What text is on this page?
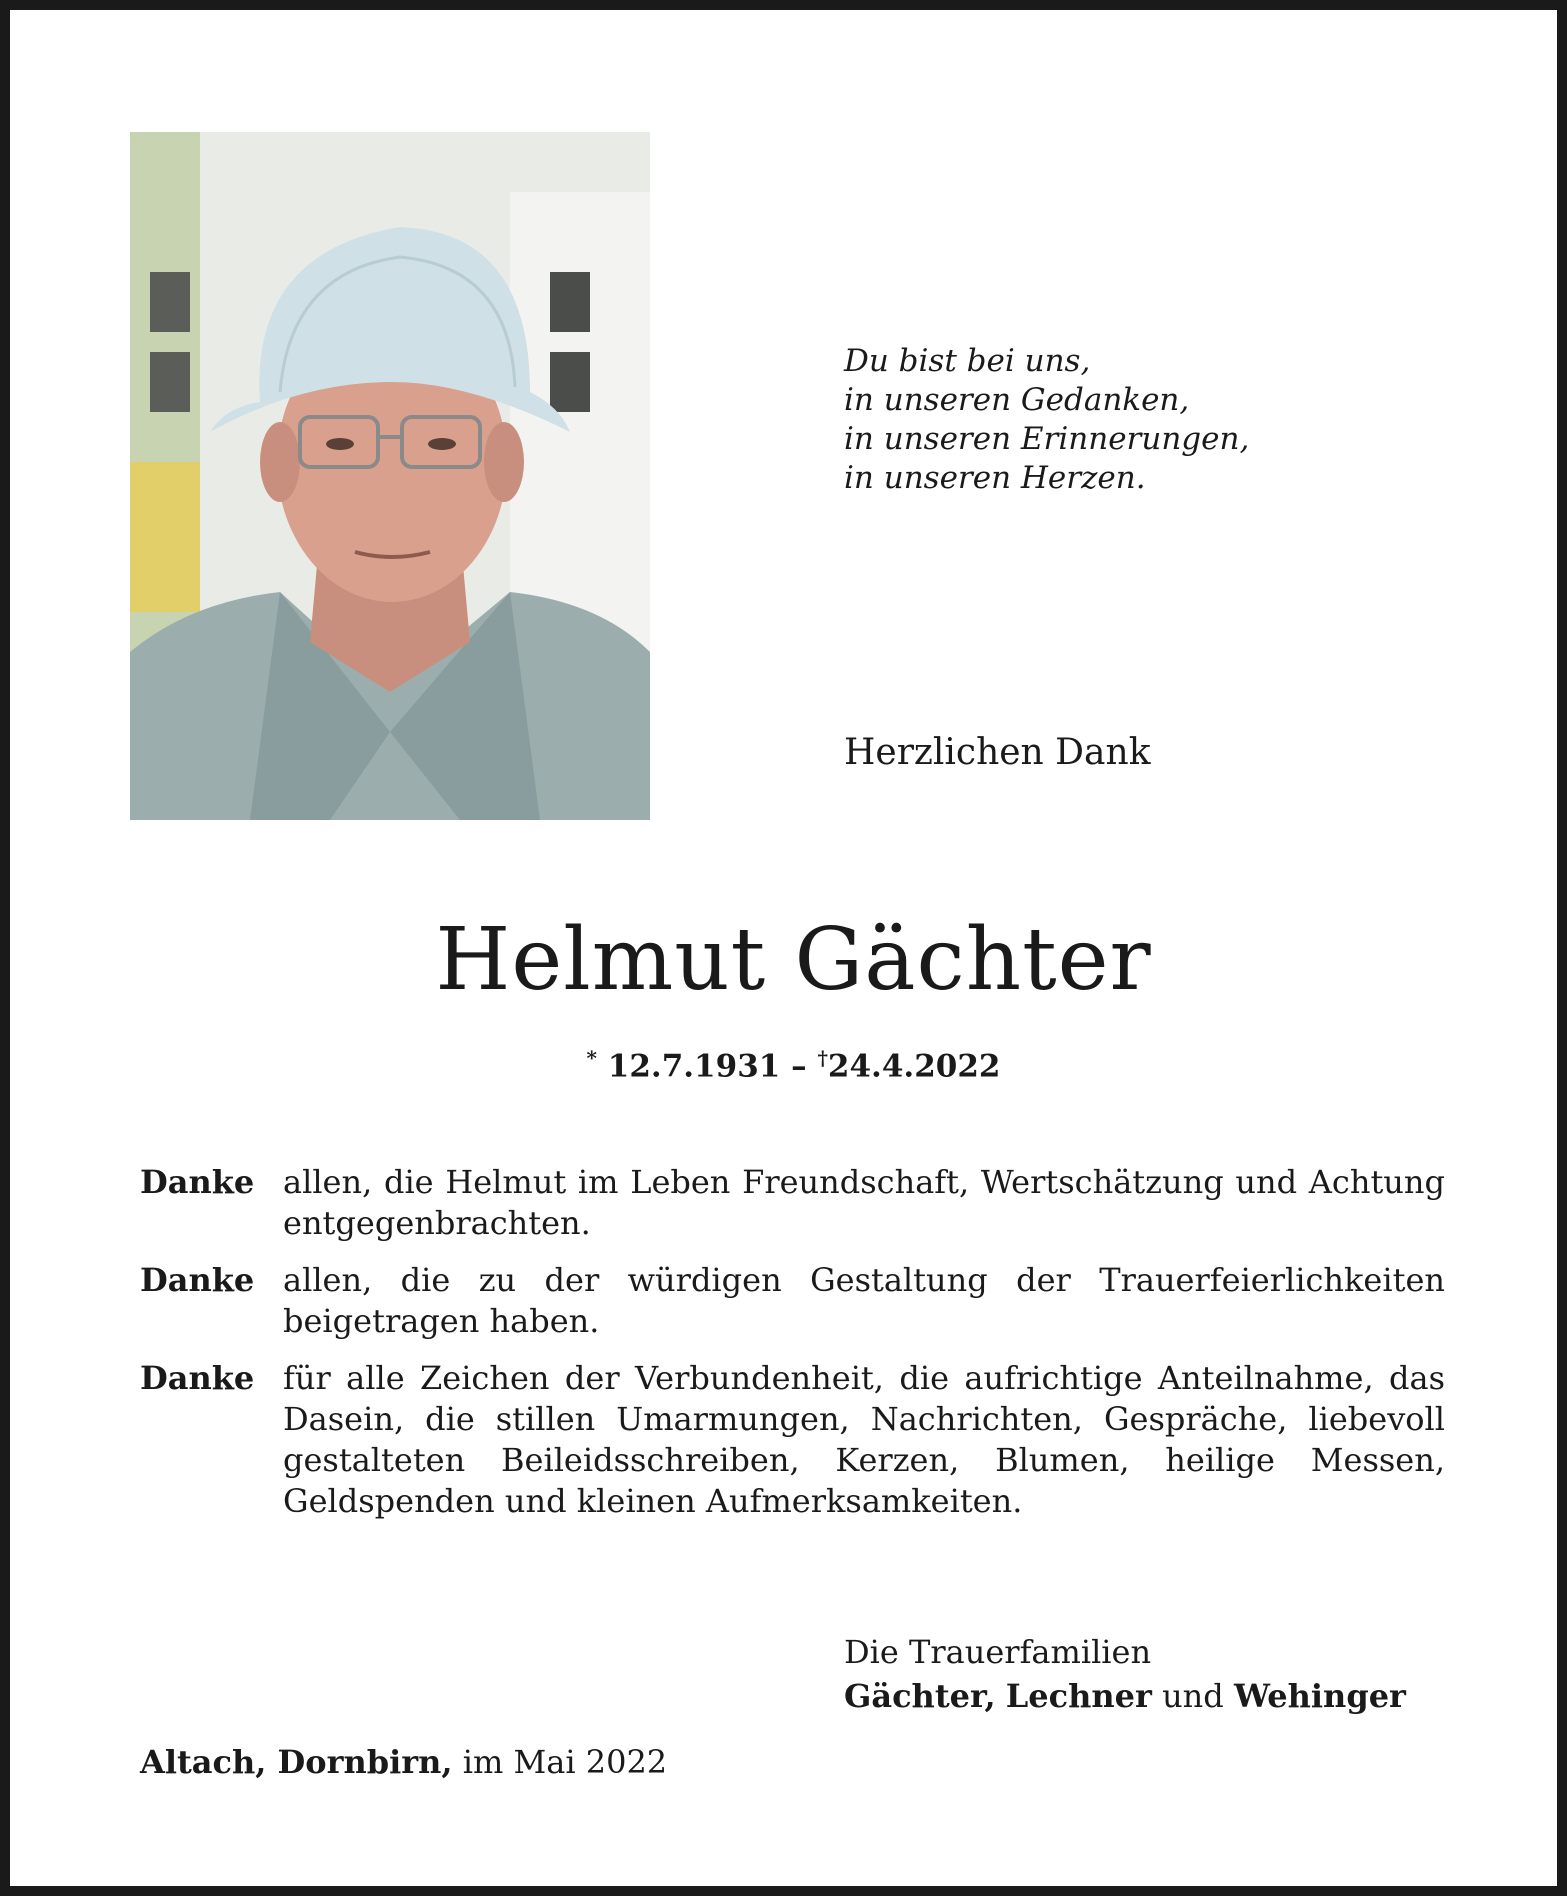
Du bist bei uns,
in unseren Gedanken,
in unseren Erinnerungen,
in unseren Herzen.
Herzlichen Dank
Helmut Gächter
* 12.7.1931 – †24.4.2022
Danke allen, die Helmut im Leben Freundschaft, Wertschätzung und Achtung entgegenbrachten.
Danke allen, die zu der würdigen Gestaltung der Trauerfeierlichkeiten beigetragen haben.
Danke für alle Zeichen der Verbundenheit, die aufrichtige Anteilnahme, das Dasein, die stillen Umarmungen, Nachrichten, Gespräche, liebevoll gestalteten Beileidsschreiben, Kerzen, Blumen, heilige Messen, Geldspenden und kleinen Aufmerksamkeiten.
Die Trauerfamilien
Gächter, Lechner und Wehinger
Altach, Dornbirn, im Mai 2022
